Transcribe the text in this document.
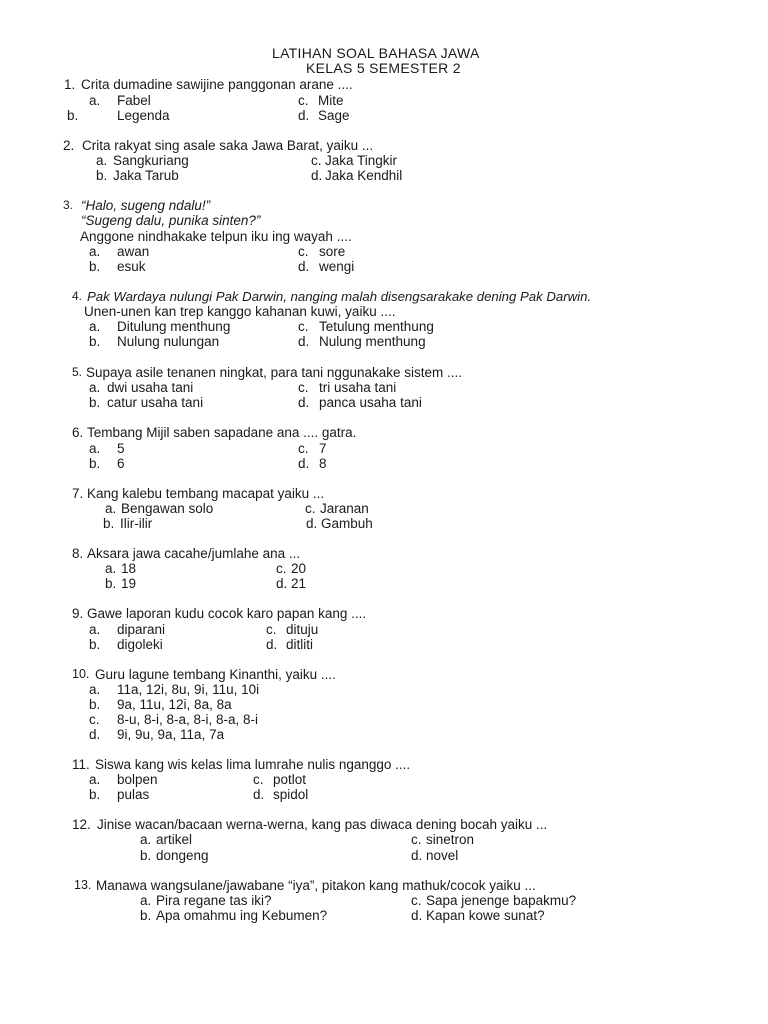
LATIHAN SOAL BAHASA JAWA
KELAS 5 SEMESTER 2
1. Crita dumadine sawijine panggonan arane ....
a. Fabel	c. Mite
b.	Legenda	d. Sage
2. Crita rakyat sing asale saka Jawa Barat, yaiku ...
a. Sangkuriang	c. Jaka Tingkir
b. Jaka Tarub	d. Jaka Kendhil
3. “Halo, sugeng ndalu!”
“Sugeng dalu, punika sinten?”
Anggone nindhakake telpun iku ing wayah ....
a. awan	c. sore
b. esuk	d. wengi
4. Pak Wardaya nulungi Pak Darwin, nanging malah disengsarakake dening Pak Darwin.
Unen-unen kan trep kanggo kahanan kuwi, yaiku ....
a. Ditulung menthung	c. Tetulung menthung
b. Nulung nulungan	d. Nulung menthung
5. Supaya asile tenanen ningkat, para tani nggunakake sistem ....
a. dwi usaha tani	c. tri usaha tani
b. catur usaha tani	d. panca usaha tani
6. Tembang Mijil saben sapadane ana .... gatra.
a. 5	c. 7
b. 6	d. 8
7. Kang kalebu tembang macapat yaiku ...
a. Bengawan solo	c. Jaranan
b. Ilir-ilir	d. Gambuh
8. Aksara jawa cacahe/jumlahe ana ...
a. 18	c. 20
b. 19	d. 21
9. Gawe laporan kudu cocok karo papan kang ....
a. diparani	c. dituju
b. digoleki	d. ditliti
10. Guru lagune tembang Kinanthi, yaiku ....
a. 11a, 12i, 8u, 9i, 11u, 10i
b. 9a, 11u, 12i, 8a, 8a
c. 8-u, 8-i, 8-a, 8-i, 8-a, 8-i
d. 9i, 9u, 9a, 11a, 7a
11. Siswa kang wis kelas lima lumrahe nulis nganggo ....
a. bolpen	c. potlot
b. pulas	d. spidol
12. Jinise wacan/bacaan werna-werna, kang pas diwaca dening bocah yaiku ...
a. artikel	c. sinetron
b. dongeng	d. novel
13. Manawa wangsulane/jawabane “iya”, pitakon kang mathuk/cocok yaiku ...
a. Pira regane tas iki?	c. Sapa jenenge bapakmu?
b. Apa omahmu ing Kebumen?	d. Kapan kowe sunat?
